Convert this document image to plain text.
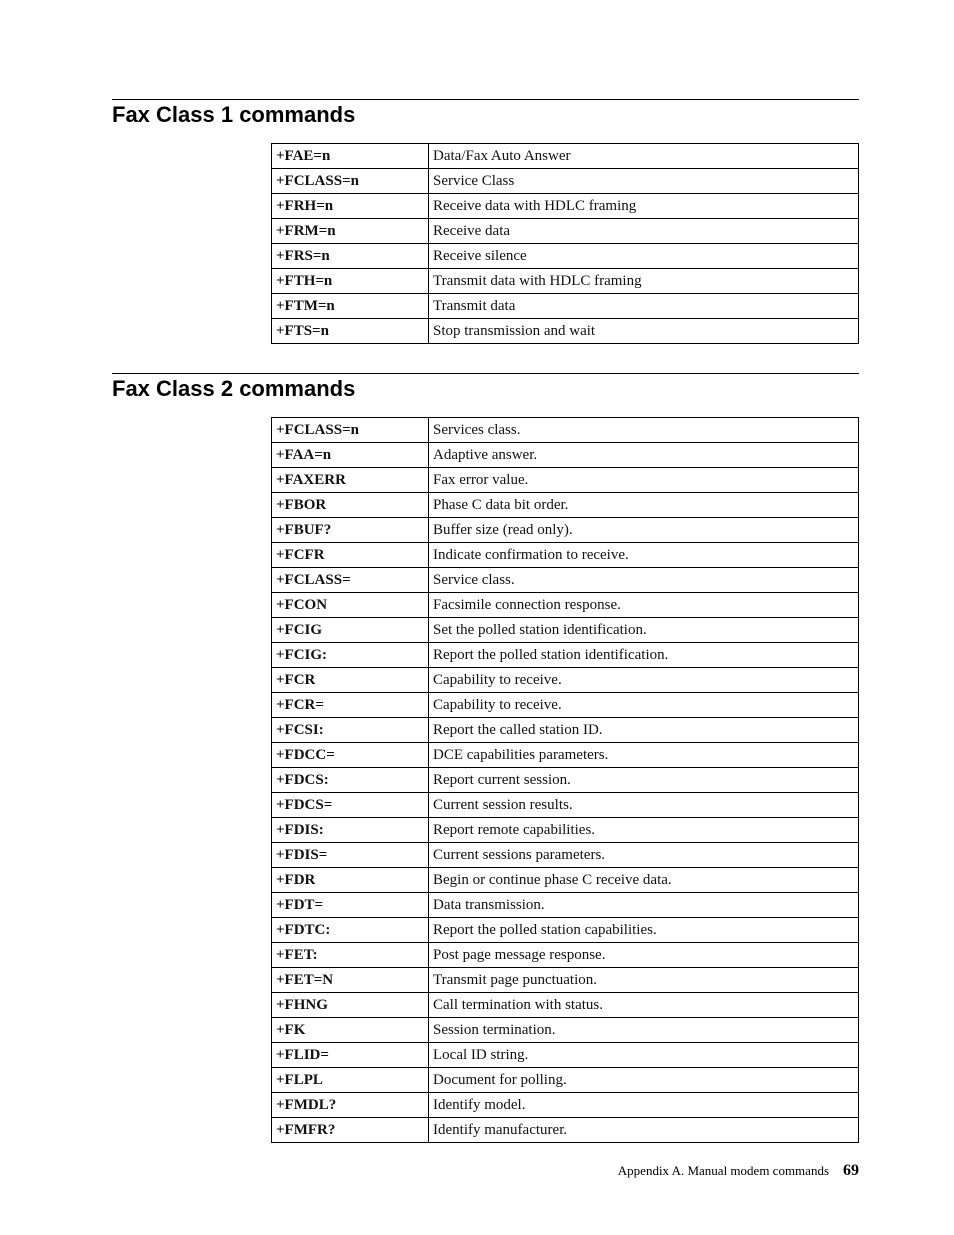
Fax Class 1 commands
+FAE=n	Data/Fax Auto Answer
+FCLASS=n	Service Class
+FRH=n	Receive data with HDLC framing
+FRM=n	Receive data
+FRS=n	Receive silence
+FTH=n	Transmit data with HDLC framing
+FTM=n	Transmit data
+FTS=n	Stop transmission and wait
Fax Class 2 commands
+FCLASS=n	Services class.
+FAA=n	Adaptive answer.
+FAXERR	Fax error value.
+FBOR	Phase C data bit order.
+FBUF?	Buffer size (read only).
+FCFR	Indicate confirmation to receive.
+FCLASS=	Service class.
+FCON	Facsimile connection response.
+FCIG	Set the polled station identification.
+FCIG:	Report the polled station identification.
+FCR	Capability to receive.
+FCR=	Capability to receive.
+FCSI:	Report the called station ID.
+FDCC=	DCE capabilities parameters.
+FDCS:	Report current session.
+FDCS=	Current session results.
+FDIS:	Report remote capabilities.
+FDIS=	Current sessions parameters.
+FDR	Begin or continue phase C receive data.
+FDT=	Data transmission.
+FDTC:	Report the polled station capabilities.
+FET:	Post page message response.
+FET=N	Transmit page punctuation.
+FHNG	Call termination with status.
+FK	Session termination.
+FLID=	Local ID string.
+FLPL	Document for polling.
+FMDL?	Identify model.
+FMFR?	Identify manufacturer.
Appendix A. Manual modem commands 69
